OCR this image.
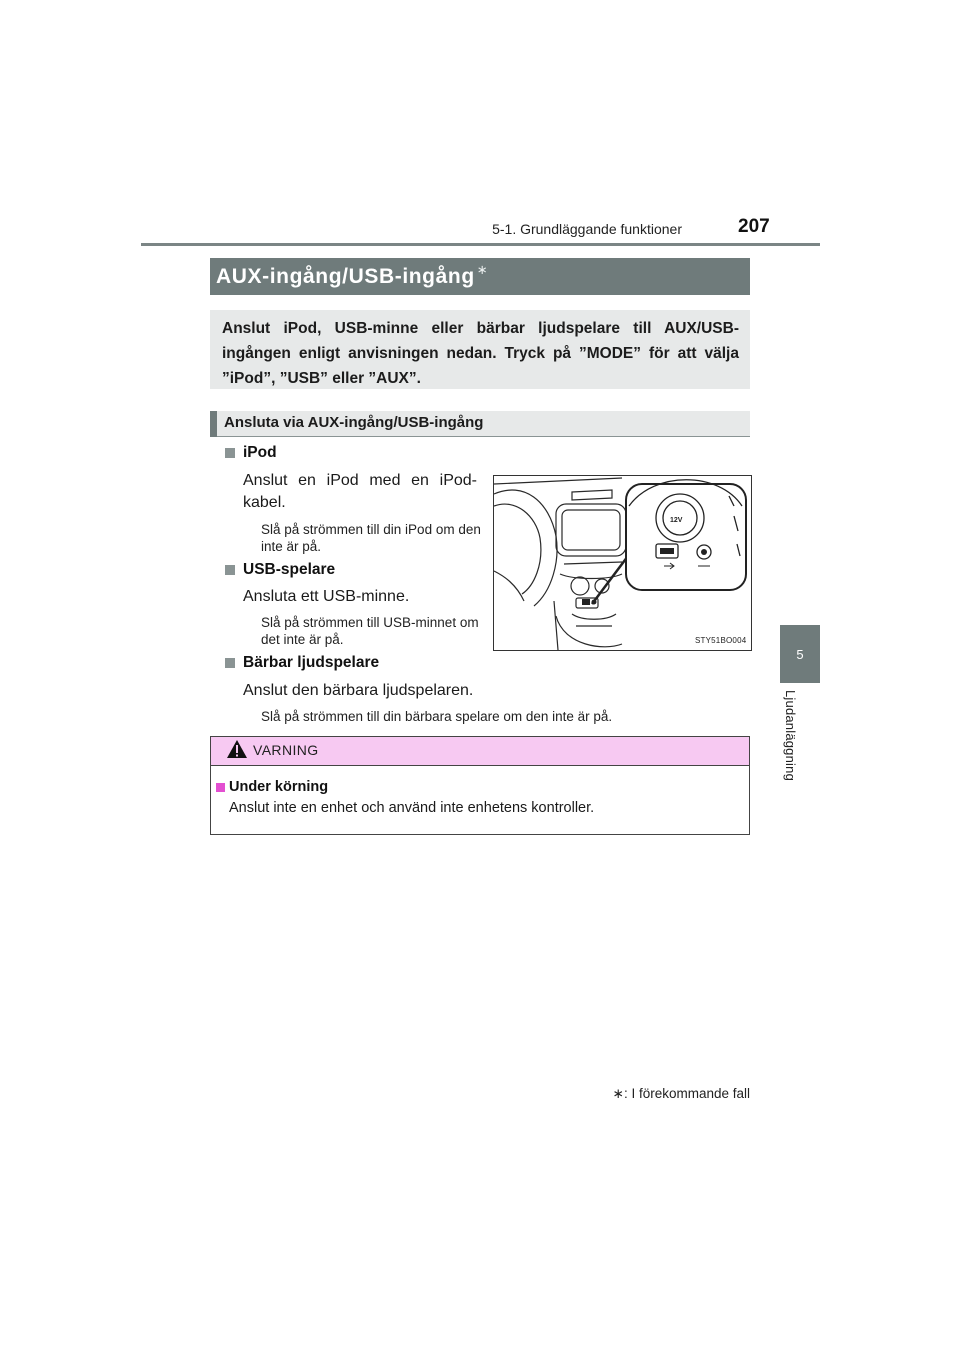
5-1. Grundläggande funktioner	207
5
Ljudanläggning
AUX-ingång/USB-ingång ∗
Anslut iPod, USB-minne eller bärbar ljudspelare till AUX/USB-ingången enligt anvisningen nedan. Tryck på ”MODE” för att välja ”iPod”, ”USB” eller ”AUX”.
Ansluta via AUX-ingång/USB-ingång
iPod
Anslut en iPod med en iPod-kabel.
Slå på strömmen till din iPod om den inte är på.
USB-spelare
Ansluta ett USB-minne.
Slå på strömmen till USB-minnet om det inte är på.
Bärbar ljudspelare
Anslut den bärbara ljudspelaren.
Slå på strömmen till din bärbara spelare om den inte är på.
12V
STY51BO004
VARNING
Under körning
Anslut inte en enhet och använd inte enhetens kontroller.
∗: I förekommande fall
